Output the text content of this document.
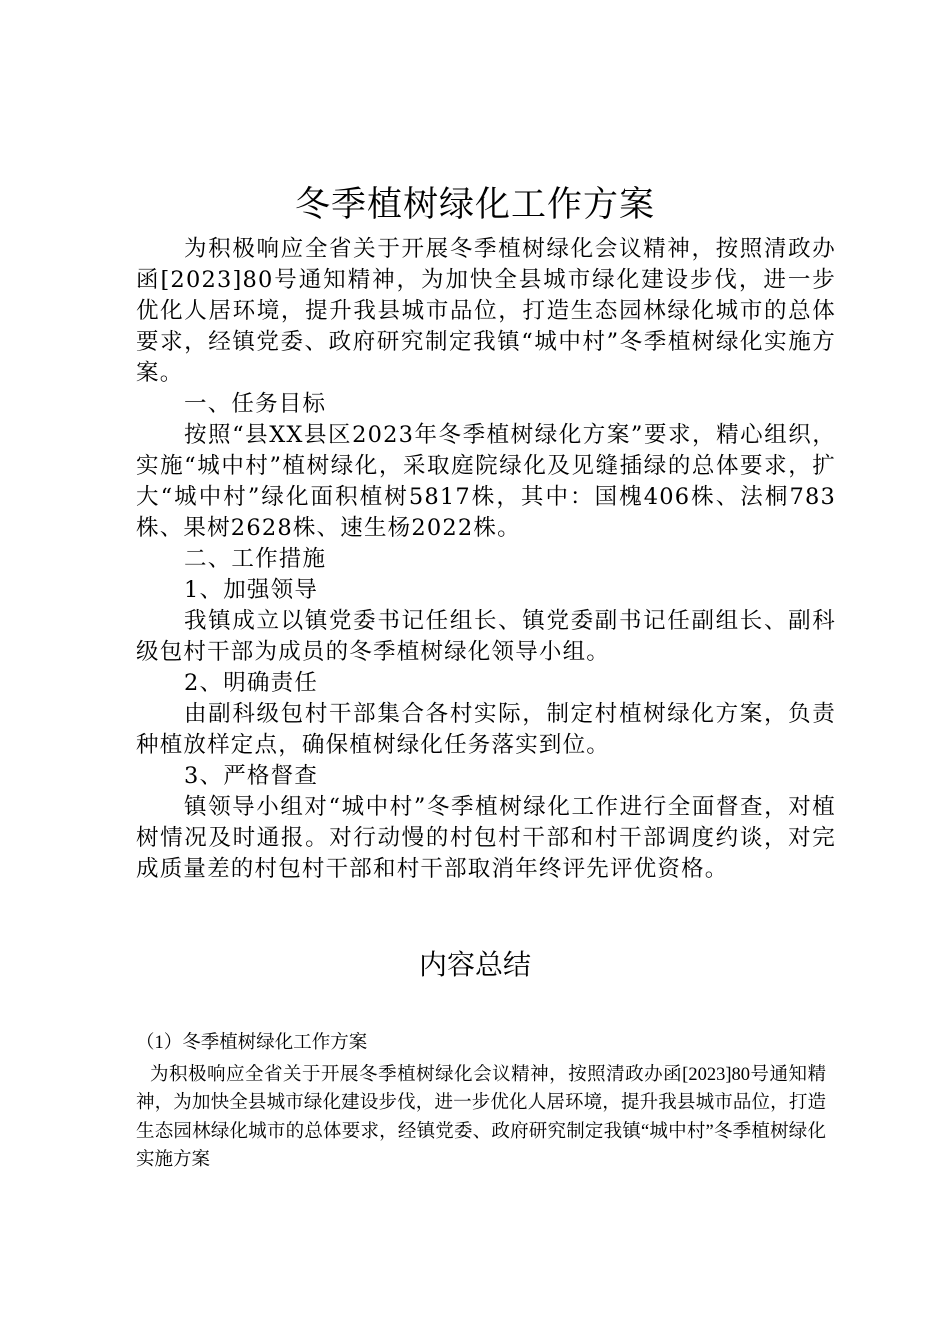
冬季植树绿化工作方案

为积极响应全省关于开展冬季植树绿化会议精神，按照清政办函[2023]80号通知精神，为加快全县城市绿化建设步伐，进一步优化人居环境，提升我县城市品位，打造生态园林绿化城市的总体要求，经镇党委、政府研究制定我镇“城中村”冬季植树绿化实施方案。

一、任务目标

按照“县XX县区2023年冬季植树绿化方案”要求，精心组织，实施“城中村”植树绿化，采取庭院绿化及见缝插绿的总体要求，扩大“城中村”绿化面积植树5817株，其中：国槐406株、法桐783株、果树2628株、速生杨2022株。

二、工作措施

1、加强领导

我镇成立以镇党委书记任组长、镇党委副书记任副组长、副科级包村干部为成员的冬季植树绿化领导小组。

2、明确责任

由副科级包村干部集合各村实际，制定村植树绿化方案，负责种植放样定点，确保植树绿化任务落实到位。

3、严格督查

镇领导小组对“城中村”冬季植树绿化工作进行全面督查，对植树情况及时通报。对行动慢的村包村干部和村干部调度约谈，对完成质量差的村包村干部和村干部取消年终评先评优资格。

内容总结

（1）冬季植树绿化工作方案

为积极响应全省关于开展冬季植树绿化会议精神，按照清政办函[2023]80号通知精神，为加快全县城市绿化建设步伐，进一步优化人居环境，提升我县城市品位，打造生态园林绿化城市的总体要求，经镇党委、政府研究制定我镇“城中村”冬季植树绿化实施方案
